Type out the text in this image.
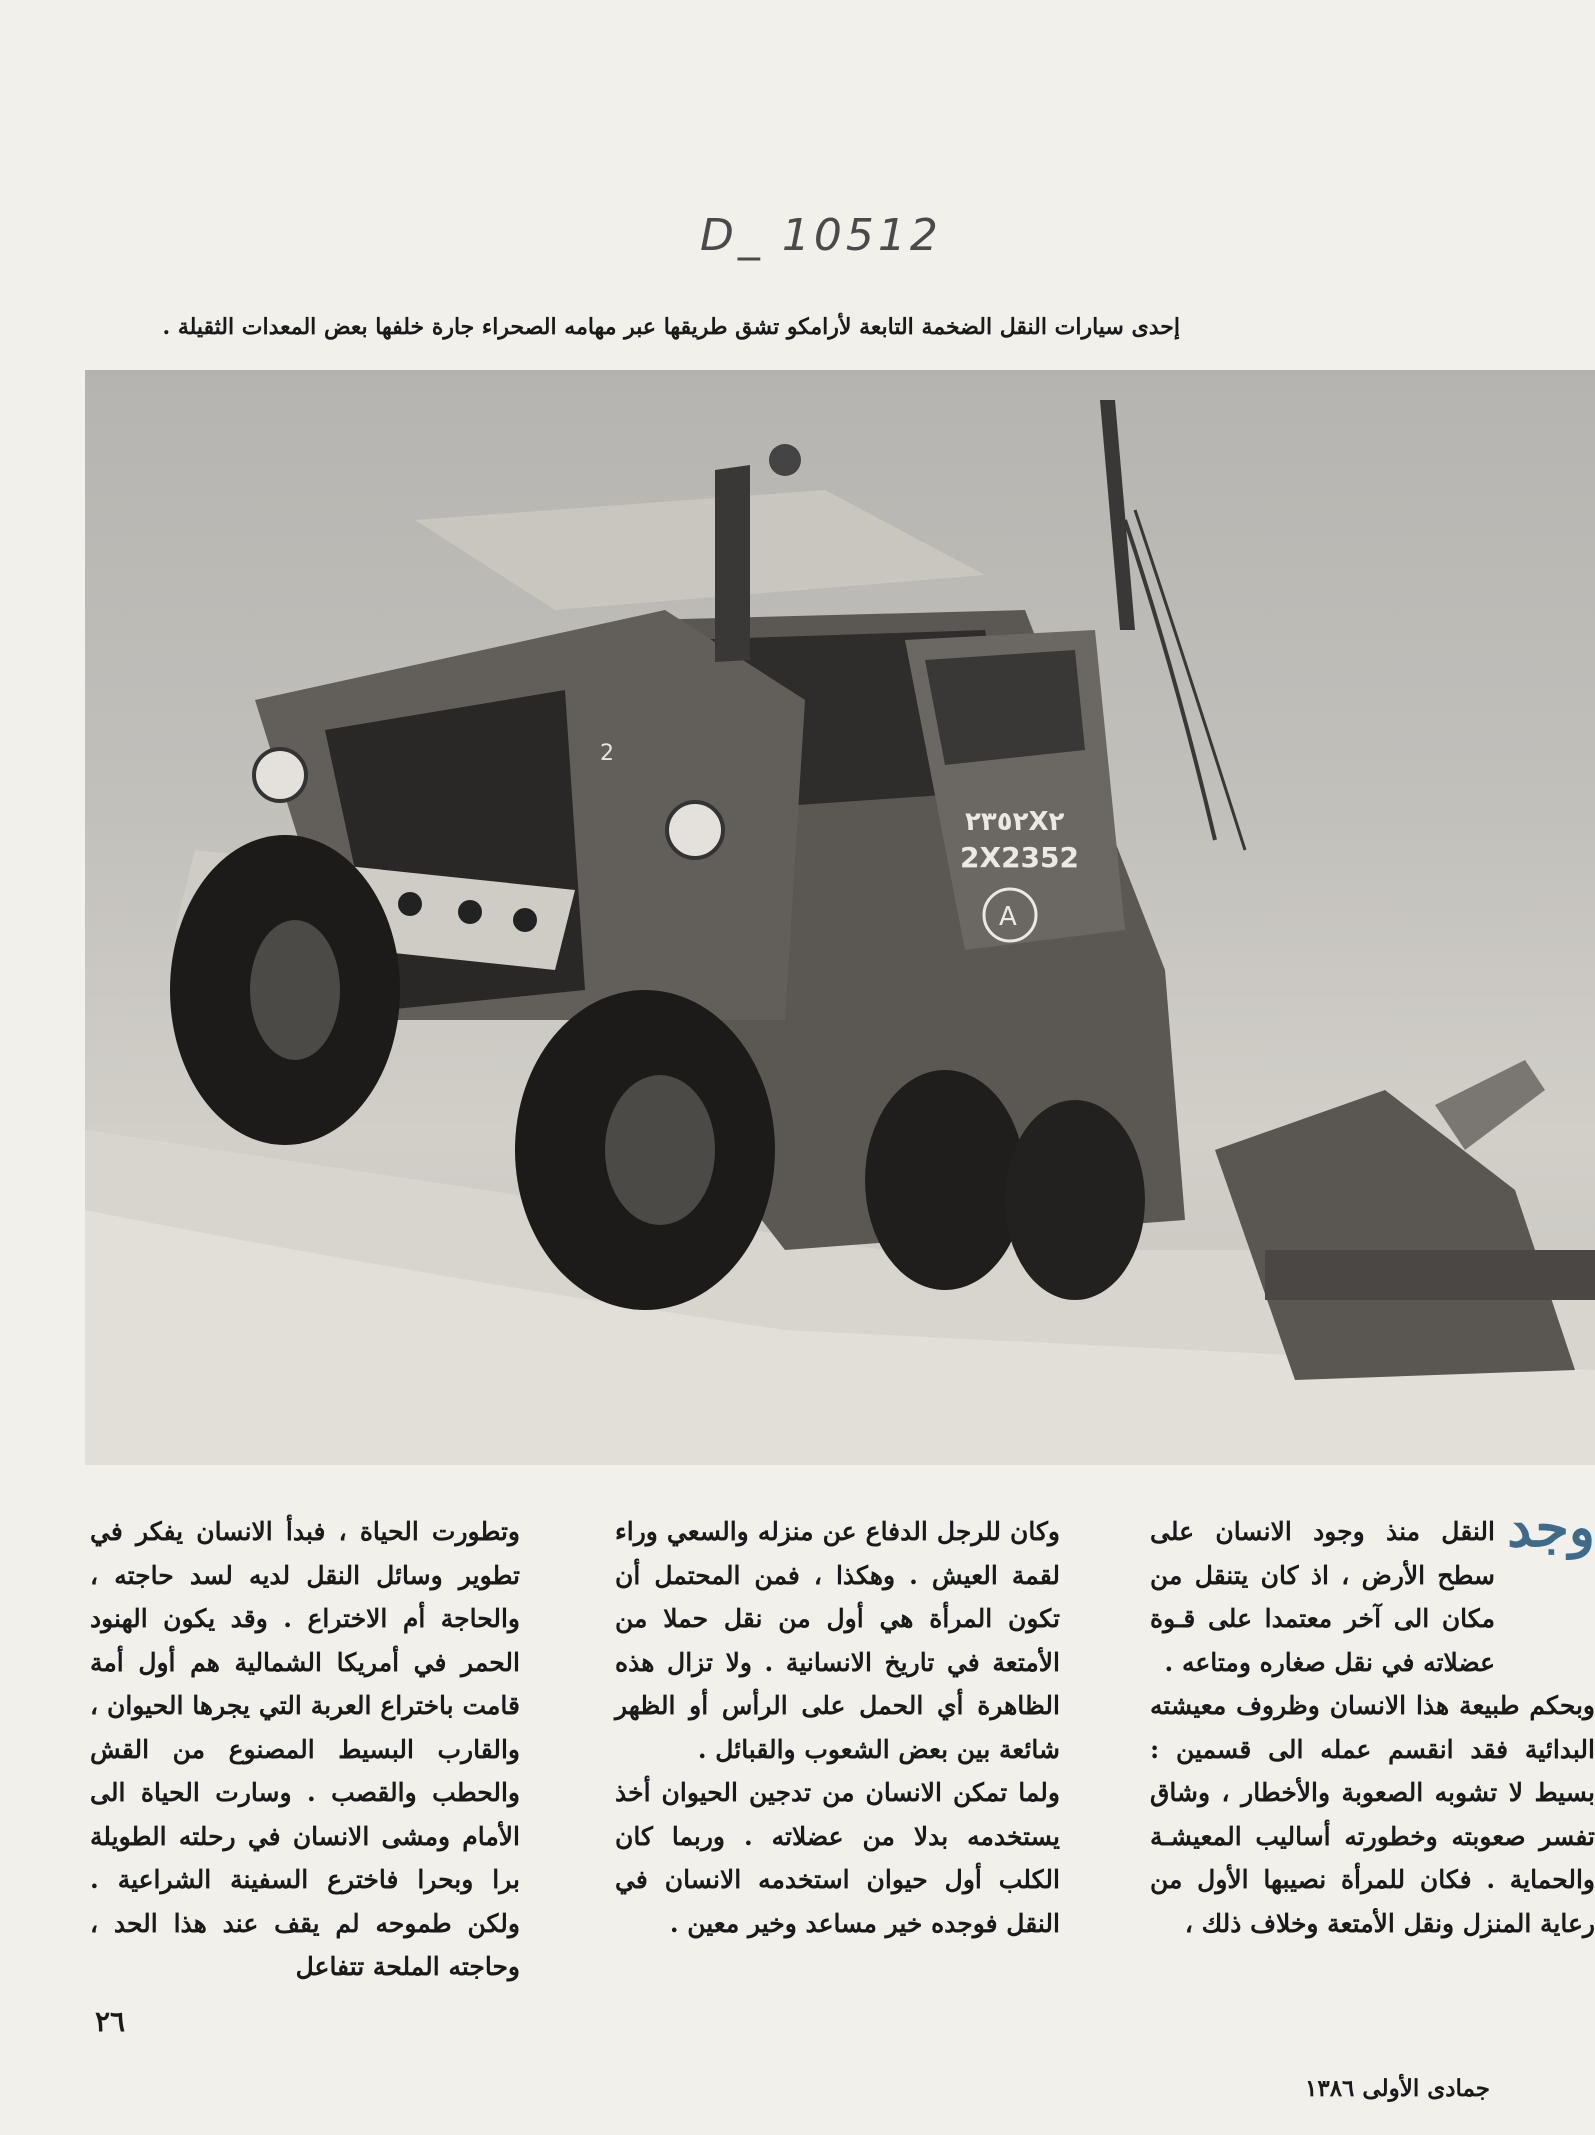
D_ 10512
إحدى سيارات النقل الضخمة التابعة لأرامكو تشق طريقها عبر مهامه الصحراء جارة خلفها بعض المعدات الثقيلة .
2
٢٣٥٢X٢
2X2352
A
وجد

النقل منذ وجود الانسان على سطح الأرض ، اذ كان يتنقل من مكان الى آخر معتمدا على قـوة عضلاته في نقل صغاره ومتاعه .

وبحكم طبيعة هذا الانسان وظروف معيشته البدائية فقد انقسم عمله الى قسمين : بسيط لا تشوبه الصعوبة والأخطار ، وشاق تفسر صعوبته وخطورته أساليب المعيشـة والحماية . فكان للمرأة نصيبها الأول من رعاية المنزل ونقل الأمتعة وخلاف ذلك ،

وكان للرجل الدفاع عن منزله والسعي وراء لقمة العيش . وهكذا ، فمن المحتمل أن تكون المرأة هي أول من نقل حملا من الأمتعة في تاريخ الانسانية . ولا تزال هذه الظاهرة أي الحمل على الرأس أو الظهر شائعة بين بعض الشعوب والقبائل .

ولما تمكن الانسان من تدجين الحيوان أخذ يستخدمه بدلا من عضلاته . وربما كان الكلب أول حيوان استخدمه الانسان في النقل فوجده خير مساعد وخير معين .

وتطورت الحياة ، فبدأ الانسان يفكر في تطوير وسائل النقل لديه لسد حاجته ، والحاجة أم الاختراع . وقد يكون الهنود الحمر في أمريكا الشمالية هم أول أمة قامت باختراع العربة التي يجرها الحيوان ، والقارب البسيط المصنوع من القش والحطب والقصب . وسارت الحياة الى الأمام ومشى الانسان في رحلته الطويلة برا وبحرا فاخترع السفينة الشراعية . ولكن طموحه لم يقف عند هذا الحد ، وحاجته الملحة تتفاعل

٢٦
جمادى الأولى ١٣٨٦
